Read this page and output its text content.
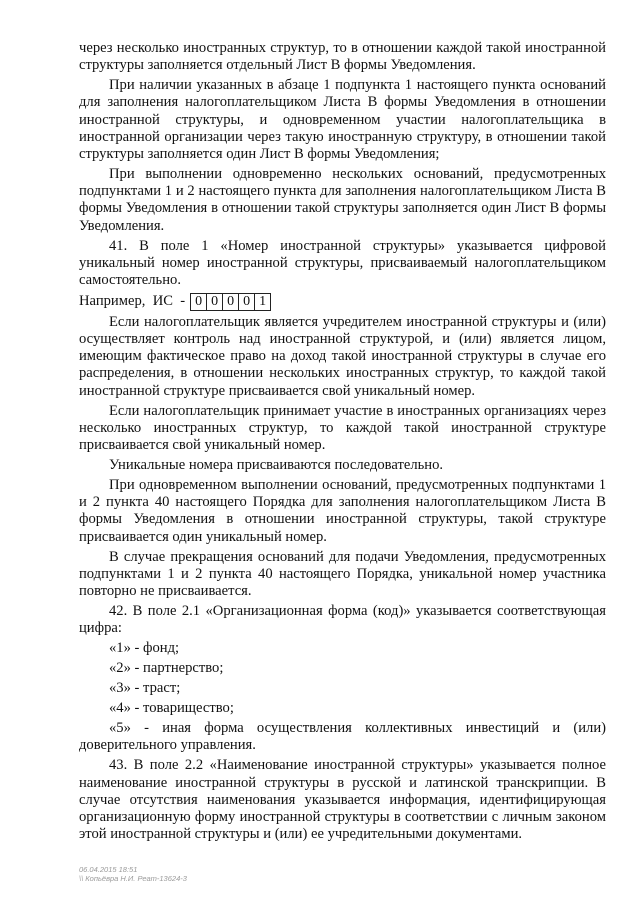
через несколько иностранных структур, то в отношении каждой такой иностранной структуры заполняется отдельный Лист В формы Уведомления.

При наличии указанных в абзаце 1 подпункта 1 настоящего пункта оснований для заполнения налогоплательщиком Листа В формы Уведомления в отношении иностранной структуры, и одновременном участии налогоплательщика в иностранной организации через такую иностранную структуру, в отношении такой структуры заполняется один Лист В формы Уведомления;

При выполнении одновременно нескольких оснований, предусмотренных подпунктами 1 и 2 настоящего пункта для заполнения налогоплательщиком Листа В формы Уведомления в отношении такой структуры заполняется один Лист В формы Уведомления.

41. В поле 1 «Номер иностранной структуры» указывается цифровой уникальный номер иностранной структуры, присваиваемый налогоплательщиком самостоятельно.

Например,  ИС  - 0 0 0 0 1

Если налогоплательщик является учредителем иностранной структуры и (или) осуществляет контроль над иностранной структурой, и (или) является лицом, имеющим фактическое право на доход такой иностранной структуры в случае его распределения, в отношении нескольких иностранных структур, то каждой такой иностранной структуре присваивается свой уникальный номер.

Если налогоплательщик принимает участие в иностранных организациях через несколько иностранных структур, то каждой такой иностранной структуре присваивается свой уникальный номер.

Уникальные номера присваиваются последовательно.

При одновременном выполнении оснований, предусмотренных подпунктами 1 и 2 пункта 40 настоящего Порядка для заполнения налогоплательщиком Листа В формы Уведомления в отношении иностранной структуры, такой структуре присваивается один уникальный номер.

В случае прекращения оснований для подачи Уведомления, предусмотренных подпунктами 1 и 2 пункта 40 настоящего Порядка, уникальной номер участника повторно не присваивается.

42. В поле 2.1 «Организационная форма (код)» указывается соответствующая цифра:

«1» - фонд;
«2» - партнерство;
«3» - траст;
«4» - товарищество;
«5» - иная форма осуществления коллективных инвестиций и (или) доверительного управления.

43. В поле 2.2 «Наименование иностранной структуры» указывается полное наименование иностранной структуры в русской и латинской транскрипции. В случае отсутствия наименования указывается информация, идентифицирующая организационную форму иностранной структуры в соответствии с личным законом этой иностранной структуры и (или) ее учредительными документами.

06.04.2015 18:51
\\ Копьёвра Н.И. Реат-13624-3
